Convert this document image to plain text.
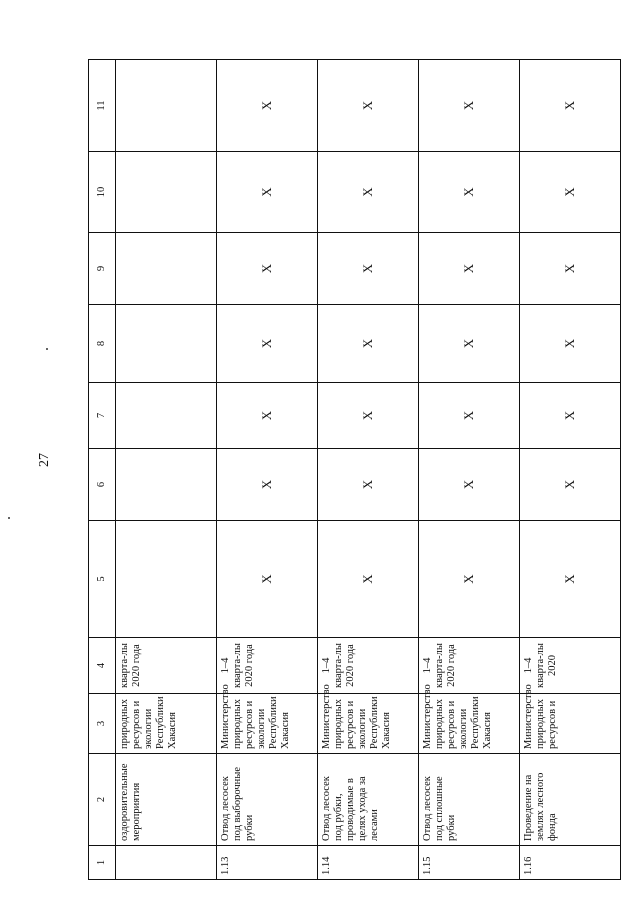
27
1	2	3	4	5	6	7	8	9	10	11
	оздоровительные мероприятия	природных ресурсов и экологии Республики Хакасия	кварта-лы 2020 года							
1.13	Отвод лесосек под выборочные рубки	Министерство природных ресурсов и экологии Республики Хакасия	1–4 кварта-лы 2020 года	X	X	X	X	X	X	X
1.14	Отвод лесосек под рубки, проводимые в целях ухода за лесами	Министерство природных ресурсов и экологии Республики Хакасия	1–4 кварта-лы 2020 года	X	X	X	X	X	X	X
1.15	Отвод лесосек под сплошные рубки	Министерство природных ресурсов и экологии Республики Хакасия	1–4 кварта-лы 2020 года	X	X	X	X	X	X	X
1.16	Проведение на землях лесного фонда	Министерство природных ресурсов и	1–4 кварта-лы 2020	X	X	X	X	X	X	X
